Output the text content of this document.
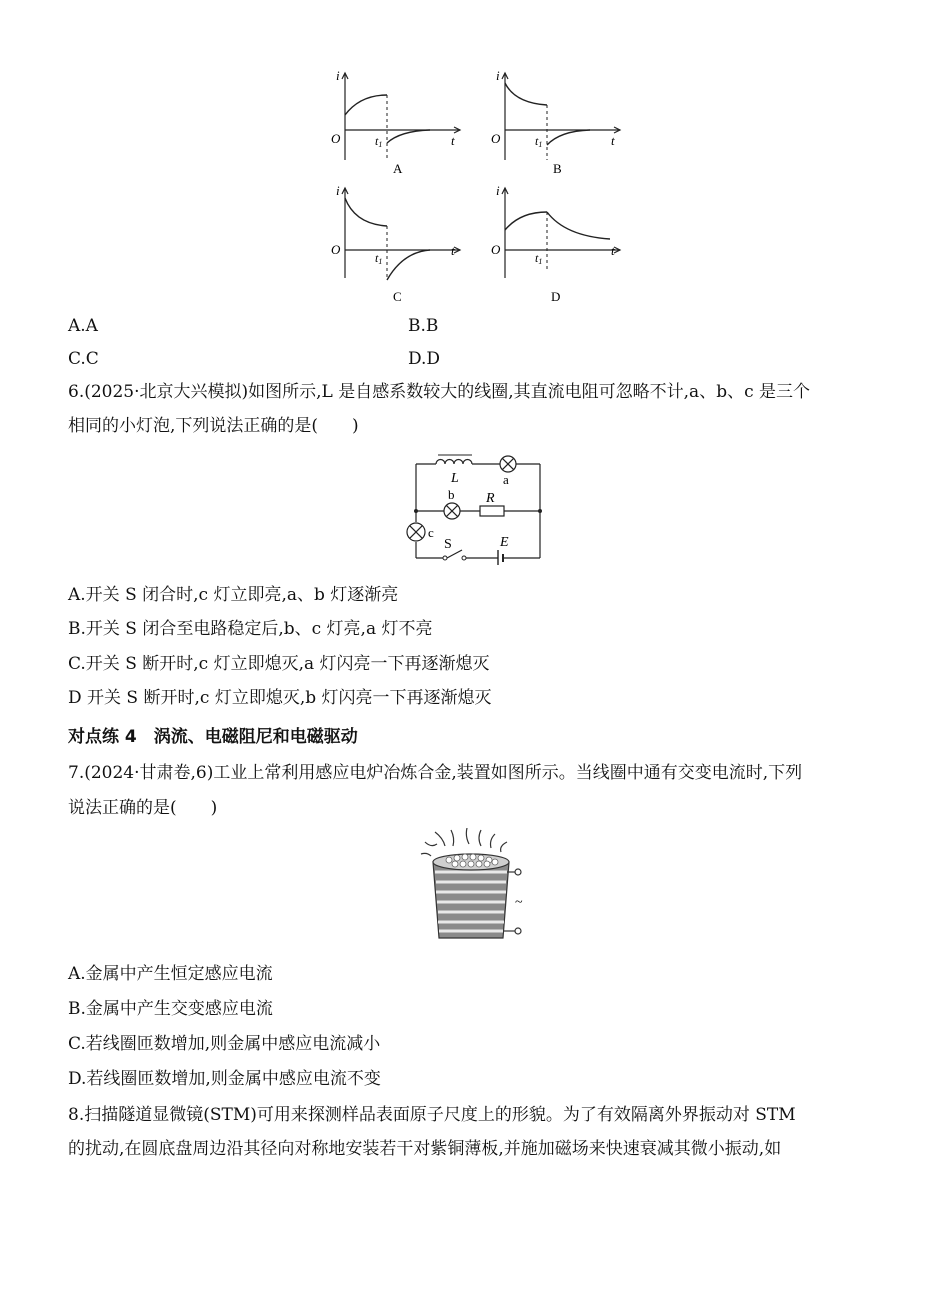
i
O	t1	t
A
i
O	t1	t
B
i
O
t1
t
C
i
O
t1
t
D
A.A	B.B
C.C	D.D
6.(2025·北京大兴模拟)如图所示,L 是自感系数较大的线圈,其直流电阻可忽略不计,a、b、c 是三个
相同的小灯泡,下列说法正确的是(　　)
L	a
b R
c
S	E
A.开关 S 闭合时,c 灯立即亮,a、b 灯逐渐亮
B.开关 S 闭合至电路稳定后,b、c 灯亮,a 灯不亮
C.开关 S 断开时,c 灯立即熄灭,a 灯闪亮一下再逐渐熄灭
D 开关 S 断开时,c 灯立即熄灭,b 灯闪亮一下再逐渐熄灭
对点练 4　涡流、电磁阻尼和电磁驱动
7.(2024·甘肃卷,6)工业上常利用感应电炉冶炼合金,装置如图所示。当线圈中通有交变电流时,下列
说法正确的是(　　)
~
A.金属中产生恒定感应电流
B.金属中产生交变感应电流
C.若线圈匝数增加,则金属中感应电流减小
D.若线圈匝数增加,则金属中感应电流不变
8.扫描隧道显微镜(STM)可用来探测样品表面原子尺度上的形貌。为了有效隔离外界振动对 STM
的扰动,在圆底盘周边沿其径向对称地安装若干对紫铜薄板,并施加磁场来快速衰减其微小振动,如
